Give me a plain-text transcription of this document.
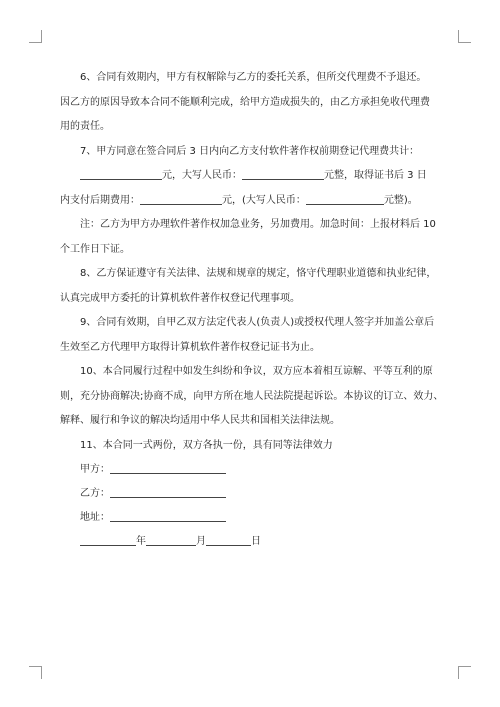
6、合同有效期内，甲方有权解除与乙方的委托关系，但所交代理费不予退还。

因乙方的原因导致本合同不能顺利完成，给甲方造成损失的，由乙方承担免收代理费

用的责任。

7、甲方同意在签合同后 3 日内向乙方支付软件著作权前期登记代理费共计：

元，大写人民币：	元整，取得证书后 3 日

内支付后期费用：	元，(大写人民币：	元整)。

注：乙方为甲方办理软件著作权加急业务，另加费用。加急时间：上报材料后 10

个工作日下证。

8、乙方保证遵守有关法律、法规和规章的规定，恪守代理职业道德和执业纪律，

认真完成甲方委托的计算机软件著作权登记代理事项。

9、合同有效期，自甲乙双方法定代表人(负责人)或授权代理人签字并加盖公章后

生效至乙方代理甲方取得计算机软件著作权登记证书为止。

10、本合同履行过程中如发生纠纷和争议，双方应本着相互谅解、平等互利的原

则，充分协商解决;协商不成，向甲方所在地人民法院提起诉讼。本协议的订立、效力、

解释、履行和争议的解决均适用中华人民共和国相关法律法规。

11、本合同一式两份，双方各执一份，具有同等法律效力

甲方：
乙方：
地址：
年	月	日
